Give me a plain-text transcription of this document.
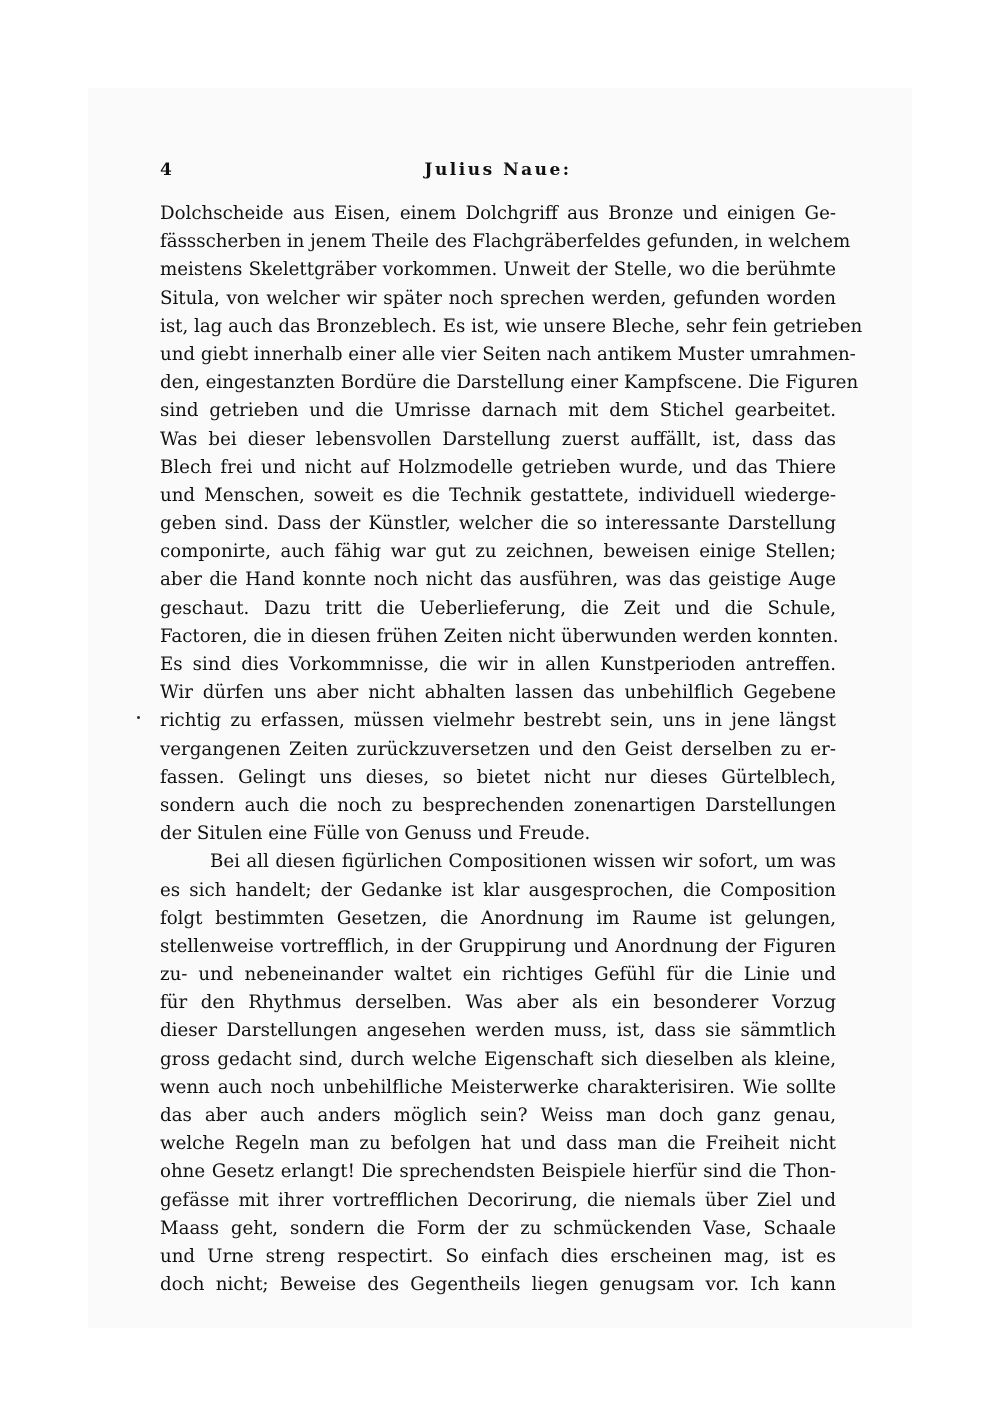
4	Julius Naue:
Dolchscheide aus Eisen, einem Dolchgriff aus Bronze und einigen Ge-
fässscherben in jenem Theile des Flachgräberfeldes gefunden, in welchem
meistens Skelettgräber vorkommen. Unweit der Stelle, wo die berühmte
Situla, von welcher wir später noch sprechen werden, gefunden worden
ist, lag auch das Bronzeblech. Es ist, wie unsere Bleche, sehr fein getrieben
und giebt innerhalb einer alle vier Seiten nach antikem Muster umrahmen-
den, eingestanzten Bordüre die Darstellung einer Kampfscene. Die Figuren
sind getrieben und die Umrisse darnach mit dem Stichel gearbeitet.
Was bei dieser lebensvollen Darstellung zuerst auffällt, ist, dass das
Blech frei und nicht auf Holzmodelle getrieben wurde, und das Thiere
und Menschen, soweit es die Technik gestattete, individuell wiederge-
geben sind. Dass der Künstler, welcher die so interessante Darstellung
componirte, auch fähig war gut zu zeichnen, beweisen einige Stellen;
aber die Hand konnte noch nicht das ausführen, was das geistige Auge
geschaut. Dazu tritt die Ueberlieferung, die Zeit und die Schule,
Factoren, die in diesen frühen Zeiten nicht überwunden werden konnten.
Es sind dies Vorkommnisse, die wir in allen Kunstperioden antreffen.
Wir dürfen uns aber nicht abhalten lassen das unbehilflich Gegebene
richtig zu erfassen, müssen vielmehr bestrebt sein, uns in jene längst
vergangenen Zeiten zurückzuversetzen und den Geist derselben zu er-
fassen. Gelingt uns dieses, so bietet nicht nur dieses Gürtelblech,
sondern auch die noch zu besprechenden zonenartigen Darstellungen
der Situlen eine Fülle von Genuss und Freude.
Bei all diesen figürlichen Compositionen wissen wir sofort, um was
es sich handelt; der Gedanke ist klar ausgesprochen, die Composition
folgt bestimmten Gesetzen, die Anordnung im Raume ist gelungen,
stellenweise vortrefflich, in der Gruppirung und Anordnung der Figuren
zu- und nebeneinander waltet ein richtiges Gefühl für die Linie und
für den Rhythmus derselben. Was aber als ein besonderer Vorzug
dieser Darstellungen angesehen werden muss, ist, dass sie sämmtlich
gross gedacht sind, durch welche Eigenschaft sich dieselben als kleine,
wenn auch noch unbehilfliche Meisterwerke charakterisiren. Wie sollte
das aber auch anders möglich sein? Weiss man doch ganz genau,
welche Regeln man zu befolgen hat und dass man die Freiheit nicht
ohne Gesetz erlangt! Die sprechendsten Beispiele hierfür sind die Thon-
gefässe mit ihrer vortrefflichen Decorirung, die niemals über Ziel und
Maass geht, sondern die Form der zu schmückenden Vase, Schaale
und Urne streng respectirt. So einfach dies erscheinen mag, ist es
doch nicht; Beweise des Gegentheils liegen genugsam vor. Ich kann
